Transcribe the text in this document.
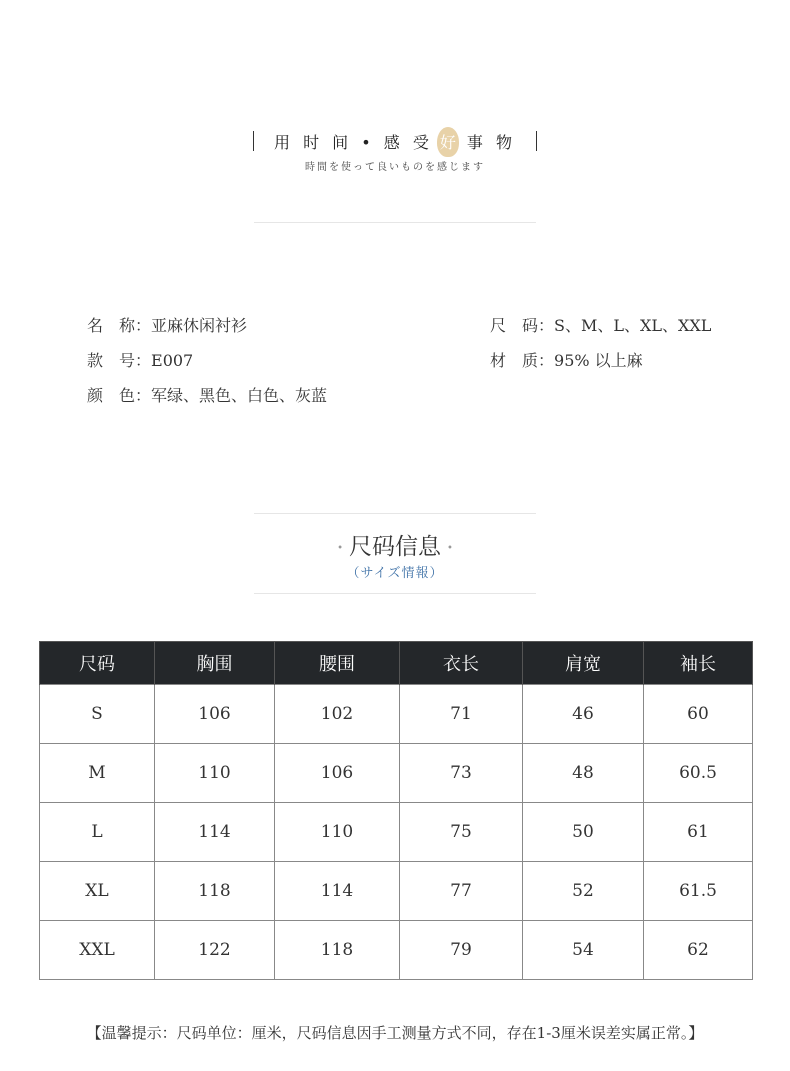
用 时 间 • 感 受 好 事 物
時間を使って良いものを感じます
名　称：亚麻休闲衬衫
款　号：E007
颜　色：军绿、黑色、白色、灰蓝
尺　码：S、M、L、XL、XXL
材　质：95% 以上麻
• 尺码信息 •
（サイズ情報）
尺码	胸围	腰围	衣长	肩宽	袖长
S	106	102	71	46	60
M	110	106	73	48	60.5
L	114	110	75	50	61
XL	118	114	77	52	61.5
XXL	122	118	79	54	62
【温馨提示：尺码单位：厘米，尺码信息因手工测量方式不同，存在1-3厘米误差实属正常。】
